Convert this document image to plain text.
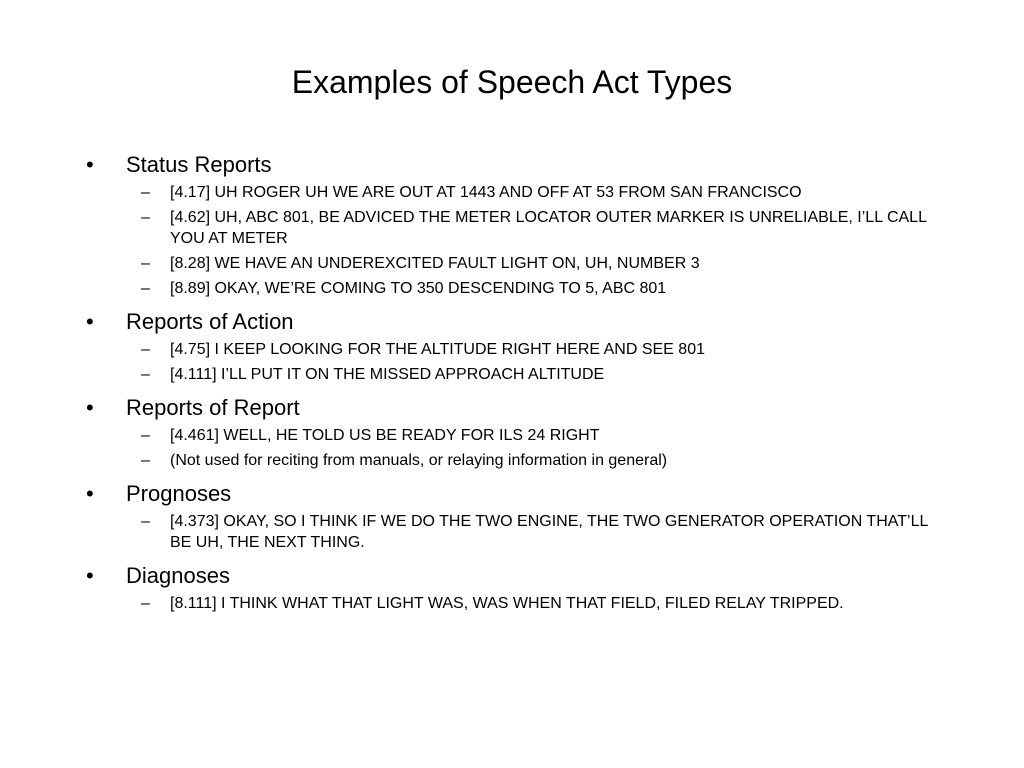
Examples of Speech Act Types
• Status Reports
– [4.17] UH ROGER UH WE ARE OUT AT 1443 AND OFF AT 53 FROM SAN FRANCISCO
– [4.62] UH, ABC 801, BE ADVICED THE METER LOCATOR OUTER MARKER IS UNRELIABLE, I’LL CALL YOU AT METER
– [8.28] WE HAVE AN UNDEREXCITED FAULT LIGHT ON, UH, NUMBER 3
– [8.89] OKAY, WE’RE COMING TO 350 DESCENDING TO 5, ABC 801
• Reports of Action
– [4.75] I KEEP LOOKING FOR THE ALTITUDE RIGHT HERE AND SEE 801
– [4.111] I’LL PUT IT ON THE MISSED APPROACH ALTITUDE
• Reports of Report
– [4.461] WELL, HE TOLD US BE READY FOR ILS 24 RIGHT
– (Not used for reciting from manuals, or relaying information in general)
• Prognoses
– [4.373] OKAY, SO I THINK IF WE DO THE TWO ENGINE, THE TWO GENERATOR OPERATION THAT’LL BE UH, THE NEXT THING.
• Diagnoses
– [8.111] I THINK WHAT THAT LIGHT WAS, WAS WHEN THAT FIELD, FILED RELAY TRIPPED.
